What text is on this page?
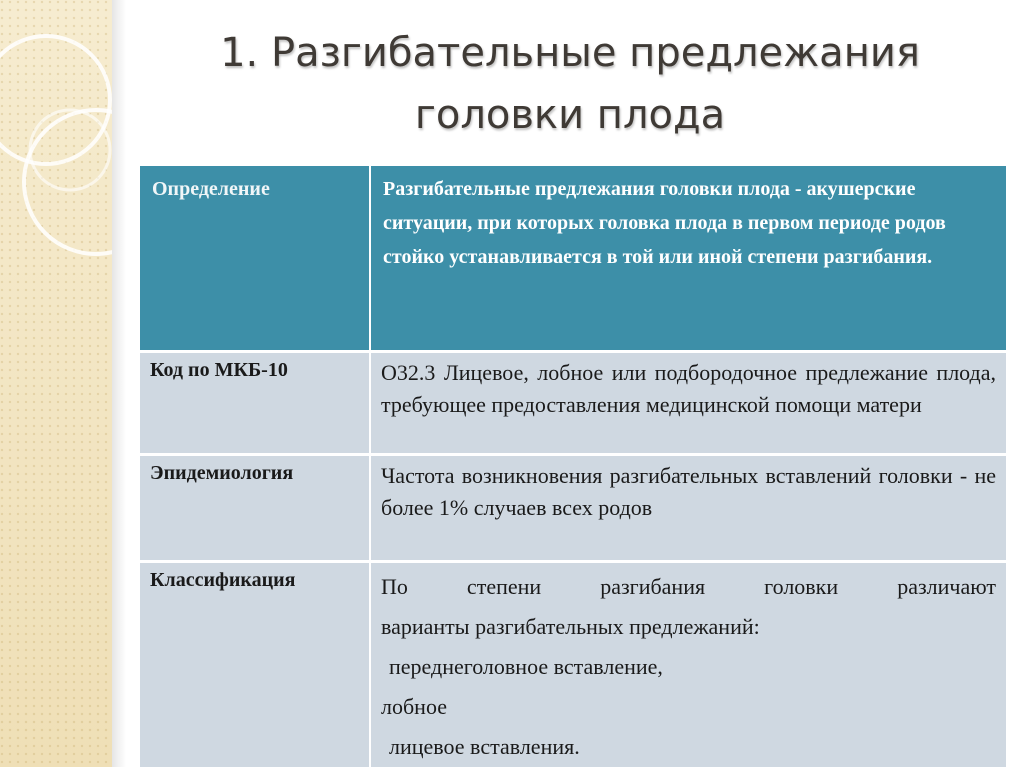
1. Разгибательные предлежания
головки плода
Определение	Разгибательные предлежания головки плода - акушерские ситуации, при которых головка плода в первом периоде родов стойко устанавливается в той или иной степени разгибания.
Код по МКБ-10	О32.3 Лицевое, лобное или подбородочное предлежание плода, требующее предоставления медицинской помощи матери
Эпидемиология	Частота возникновения разгибательных вставлений головки - не более 1% случаев всех родов
Классификация	По степени разгибания головки различают
варианты разгибательных предлежаний:
переднеголовное вставление,
лобное
лицевое вставления.
